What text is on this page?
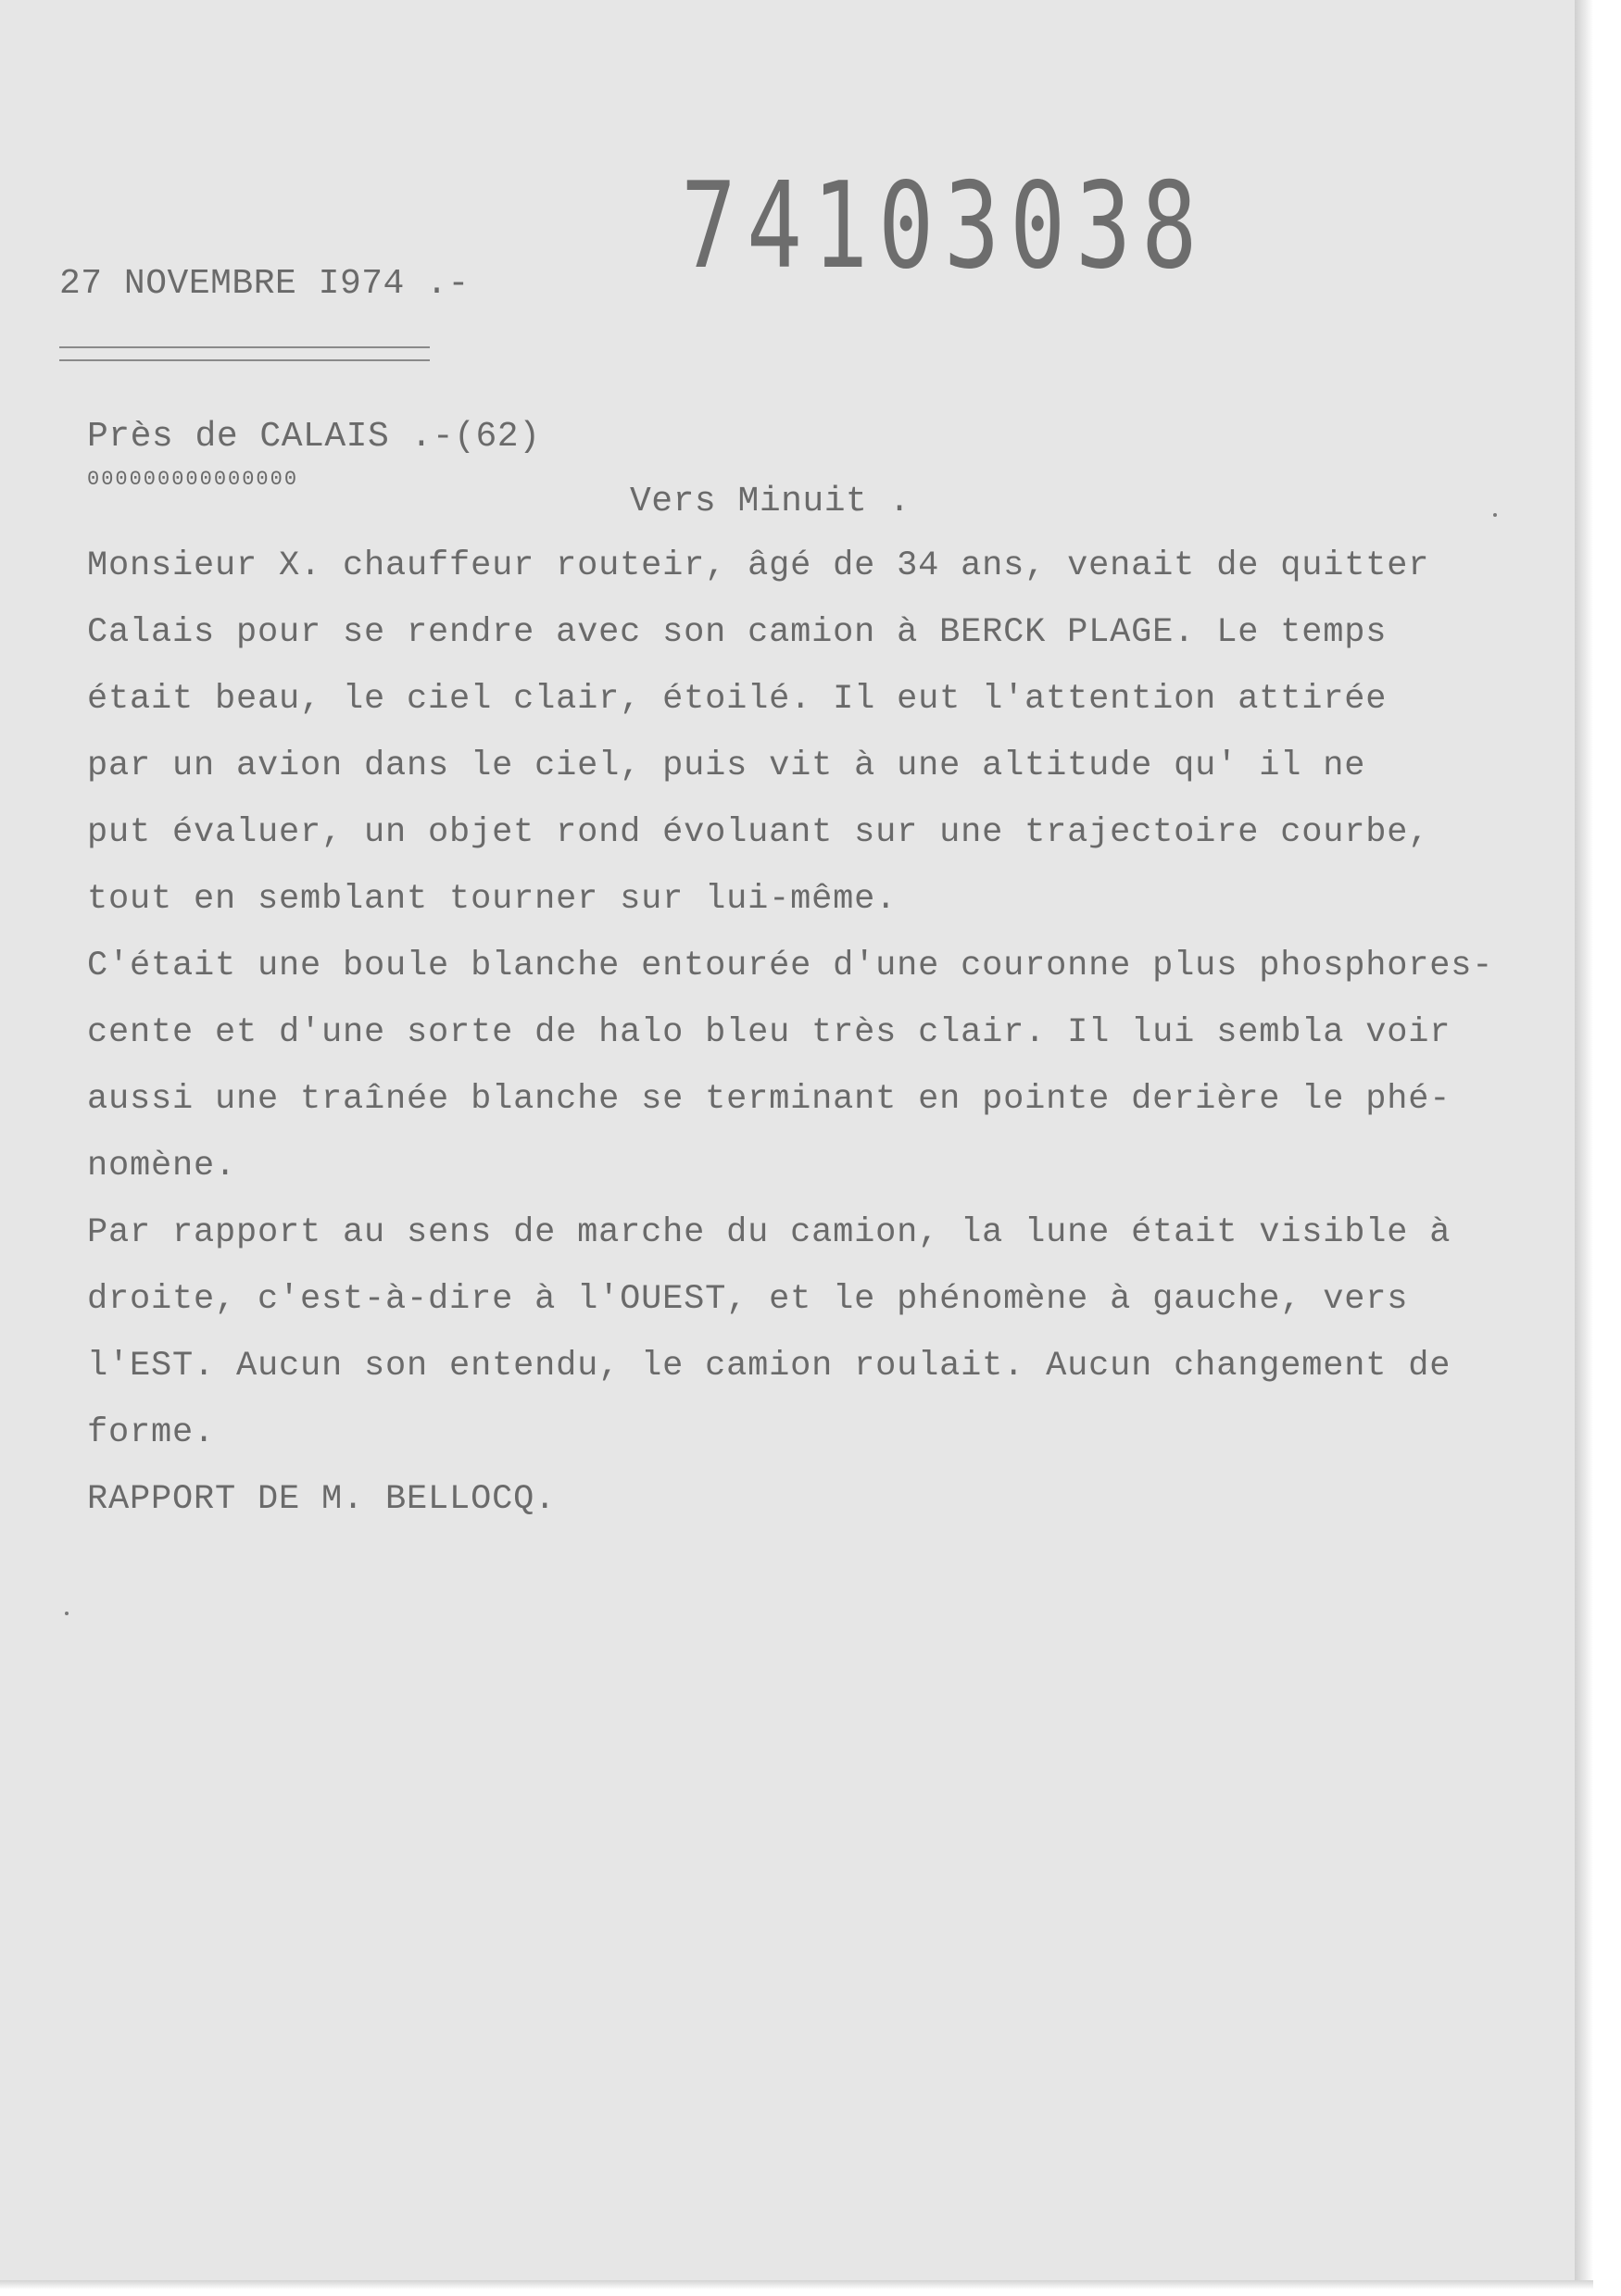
74103038
27 NOVEMBRE I974 .-
Près de CALAIS .-(62)
000000000000000
Vers Minuit .
Monsieur X. chauffeur routeir, âgé de 34 ans, venait de quitter
Calais pour se rendre avec son camion à BERCK PLAGE. Le temps
était beau, le ciel clair, étoilé. Il eut l'attention attirée
par un avion dans le ciel, puis vit à une altitude qu' il ne
put évaluer, un objet rond évoluant sur une trajectoire courbe,
tout en semblant tourner sur lui-même.
C'était une boule blanche entourée d'une couronne plus phosphores-
cente et d'une sorte de halo bleu très clair. Il lui sembla voir
aussi une traînée blanche se terminant en pointe derière le phé-
nomène.
Par rapport au sens de marche du camion, la lune était visible à
droite, c'est-à-dire à l'OUEST, et le phénomène à gauche, vers
l'EST. Aucun son entendu, le camion roulait. Aucun changement de
forme.
RAPPORT DE M. BELLOCQ.
